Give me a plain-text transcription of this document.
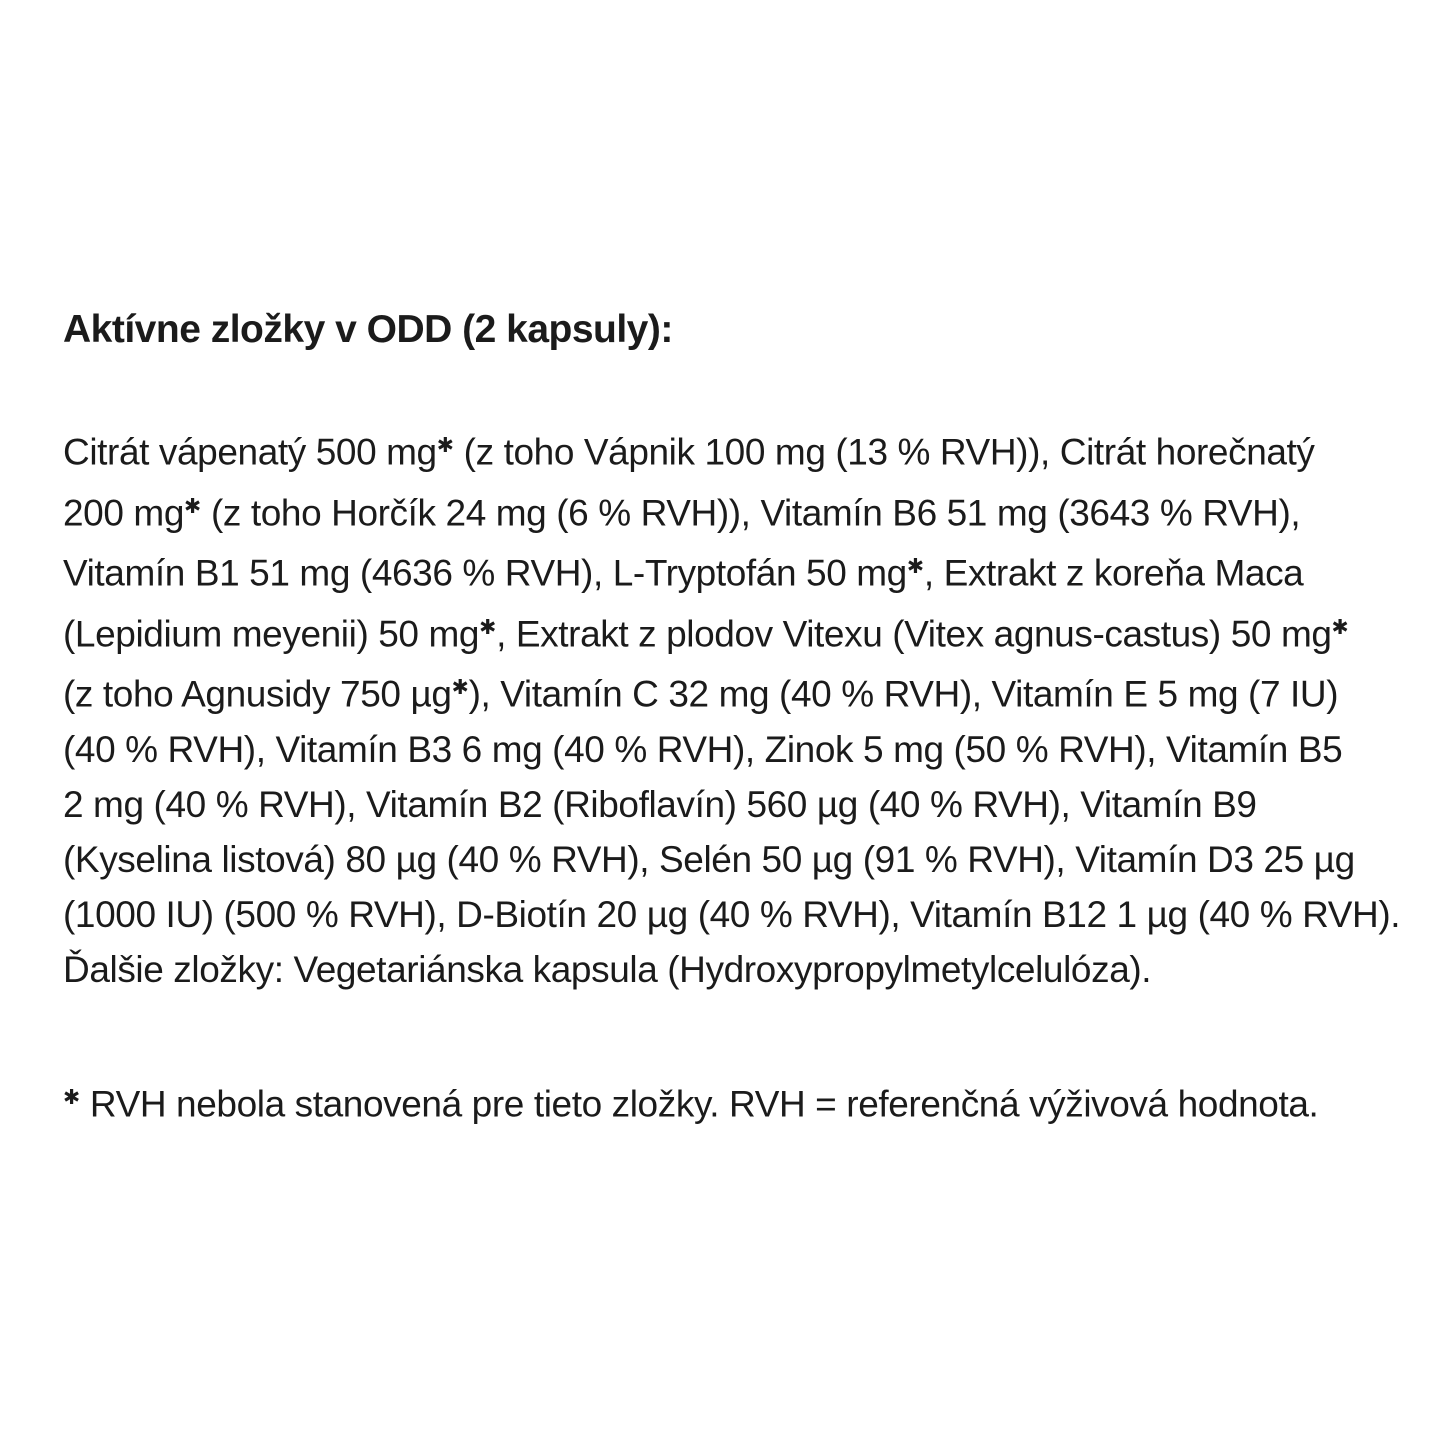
Aktívne zložky v ODD (2 kapsuly):
Citrát vápenatý 500 mg✱ (z toho Vápnik 100 mg (13 % RVH)), Citrát horečnatý
200 mg✱ (z toho Horčík 24 mg (6 % RVH)), Vitamín B6 51 mg (3643 % RVH),
Vitamín B1 51 mg (4636 % RVH), L-Tryptofán 50 mg✱, Extrakt z koreňa Maca
(Lepidium meyenii) 50 mg✱, Extrakt z plodov Vitexu (Vitex agnus-castus) 50 mg✱
(z toho Agnusidy 750 µg✱), Vitamín C 32 mg (40 % RVH), Vitamín E 5 mg (7 IU)
(40 % RVH), Vitamín B3 6 mg (40 % RVH), Zinok 5 mg (50 % RVH), Vitamín B5
2 mg (40 % RVH), Vitamín B2 (Riboflavín) 560 µg (40 % RVH), Vitamín B9
(Kyselina listová) 80 µg (40 % RVH), Selén 50 µg (91 % RVH), Vitamín D3 25 µg
(1000 IU) (500 % RVH), D-Biotín 20 µg (40 % RVH), Vitamín B12 1 µg (40 % RVH).
Ďalšie zložky: Vegetariánska kapsula (Hydroxypropylmetylcelulóza).
✱ RVH nebola stanovená pre tieto zložky. RVH = referenčná výživová hodnota.
